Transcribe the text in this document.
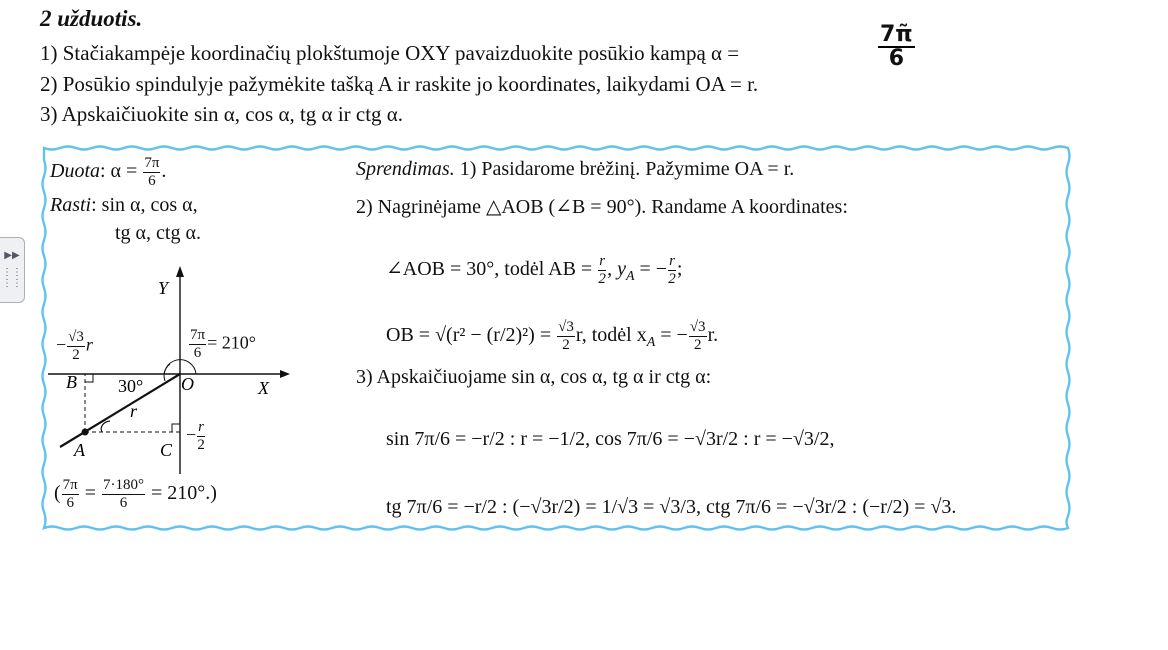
2 užduotis.
1) Stačiakampėje koordinačių plokštumoje OXY pavaizduokite posūkio kampą α =
2) Posūkio spindulyje pažymėkite tašką A ir raskite jo koordinates, laikydami OA = r.
3) Apskaičiuokite sin α, cos α, tg α ir ctg α.
$\frac{7\pĩ}{6}$
▶▶
⋮⋮
⋮⋮
Duota: $\alpha = \frac{7\pi}{6}$ .
Rasti: sin α, cos α,
tg α, ctg α.
Y
X
O
B
A	C
r
30°
− $\frac{√3}{2}$ r	$\frac{7\pi}{6} = 210^\circ$
− $\frac{r}{2}$
( $\frac{7\pi}{6} = \frac{7\cdot 180^\circ}{6} = 210^\circ$.)
Sprendimas. 1) Pasidarome brėžinį. Pažymime OA = r.
2) Nagrinėjame △AOB (∠B = 90°). Randame A koordinates:
∠AOB = 30°, todėl AB = $\frac{r}{2}$ , $y_A$ = − $\frac{r}{2}$ ;
OB = $√(r^2 - (r/2)^2) = \frac{√3}{2} r$, todėl $x_A$ = − $\frac{√3}{2} r$.
3) Apskaičiuojame sin α, cos α, tg α ir ctg α:
sin 7π/6 = −r/2 : r = −1/2, cos 7π/6 = −√3r/2 : r = −√3/2,
tg 7π/6 = −r/2 : (−√3r/2) = 1/√3 = √3/3, ctg 7π/6 = −√3r/2 : (−r/2) = √3.
